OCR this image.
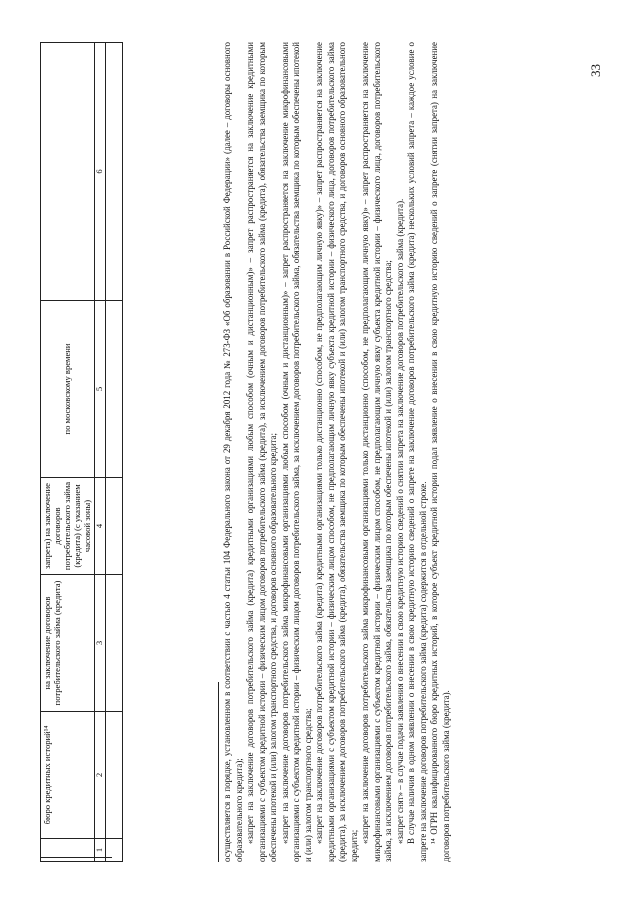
	бюро кредитных историй¹⁴	на заключение договоров потребительского займа (кредита)	запрета) на заключение договоров потребительского займа (кредита) (с указанием часовой зоны)	по московскому времени	
1	2	3	4	5	6
						осуществляется в порядке, установленном в соответствии с частью 4 статьи 104 Федерального закона от 29 декабря 2012 года № 273-ФЗ «Об образовании в Российской Федерации» (далее – договоры основного образовательного кредита); «запрет на заключение договоров потребительского займа (кредита) кредитными организациями любым способом (очным и дистанционным)» – запрет распространяется на заключение кредитными организациями с субъектом кредитной истории – физическим лицом договоров потребительского займа (кредита), за исключением договоров потребительского займа (кредита), обязательства заемщика по которым обеспечены ипотекой и (или) залогом транспортного средства, и договоров основного образовательного кредита; «запрет на заключение договоров потребительского займа микрофинансовыми организациями любым способом (очным и дистанционным)» – запрет распространяется на заключение микрофинансовыми организациями с субъектом кредитной истории – физическим лицом договоров потребительского займа, за исключением договоров потребительского займа, обязательства заемщика по которым обеспечены ипотекой и (или) залогом транспортного средства; «запрет на заключение договоров потребительского займа (кредита) кредитными организациями только дистанционно (способом, не предполагающим личную явку)» – запрет распространяется на заключение кредитными организациями с субъектом кредитной истории – физическим лицом способом, не предполагающим личную явку субъекта кредитной истории – физического лица, договоров потребительского займа (кредита), за исключением договоров потребительского займа (кредита), обязательства заемщика по которым обеспечены ипотекой и (или) залогом транспортного средства, и договоров основного образовательного кредита;

«запрет на заключение договоров потребительского займа микрофинансовыми организациями только дистанционно (способом, не предполагающим личную явку)» – запрет распространяется на заключение микрофинансовыми организациями с субъектом кредитной истории – физическим лицом способом, не предполагающим личную явку субъекта кредитной истории – физического лица, договоров потребительского займа, за исключением договоров потребительского займа, обязательства заемщика по которым обеспечены ипотекой и (или) залогом транспортного средства; «запрет снят» – в случае подачи заявления о внесении в свою кредитную историю сведений о снятии запрета на заключение договоров потребительского займа (кредита). В случае наличия в одном заявлении о внесении в свою кредитную историю сведений о запрете на заключение договоров потребительского займа (кредита) нескольких условий запрета – каждое условие о запрете на заключение договоров потребительского займа (кредита) содержится в отдельной строке. ¹⁴ ОГРН квалифицированного бюро кредитных историй, в которое субъект кредитной истории подал заявление о внесении в свою кредитную историю сведений о запрете (снятии запрета) на заключение договоров потребительского займа (кредита).

33
